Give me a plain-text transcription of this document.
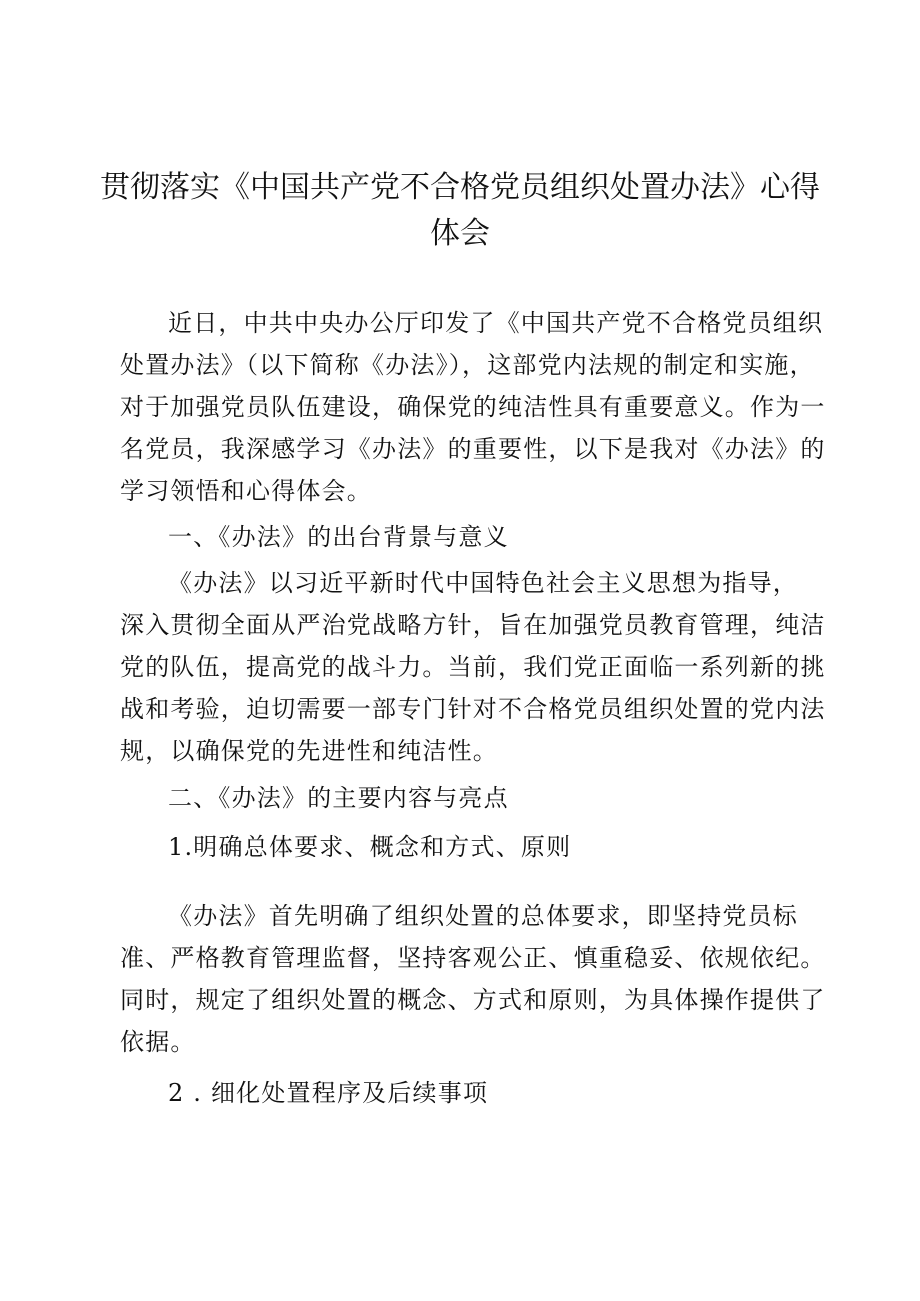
贯彻落实《中国共产党不合格党员组织处置办法》心得
体会
近日，中共中央办公厅印发了《中国共产党不合格党员组织
处置办法》（以下简称《办法》），这部党内法规的制定和实施，
对于加强党员队伍建设，确保党的纯洁性具有重要意义。作为一
名党员，我深感学习《办法》的重要性，以下是我对《办法》的
学习领悟和心得体会。
一、《办法》的出台背景与意义
《办法》以习近平新时代中国特色社会主义思想为指导，
深入贯彻全面从严治党战略方针，旨在加强党员教育管理，纯洁
党的队伍，提高党的战斗力。当前，我们党正面临一系列新的挑
战和考验，迫切需要一部专门针对不合格党员组织处置的党内法
规，以确保党的先进性和纯洁性。
二、《办法》的主要内容与亮点
1.明确总体要求、概念和方式、原则
《办法》首先明确了组织处置的总体要求，即坚持党员标
准、严格教育管理监督，坚持客观公正、慎重稳妥、依规依纪。
同时，规定了组织处置的概念、方式和原则，为具体操作提供了
依据。
2 . 细化处置程序及后续事项
